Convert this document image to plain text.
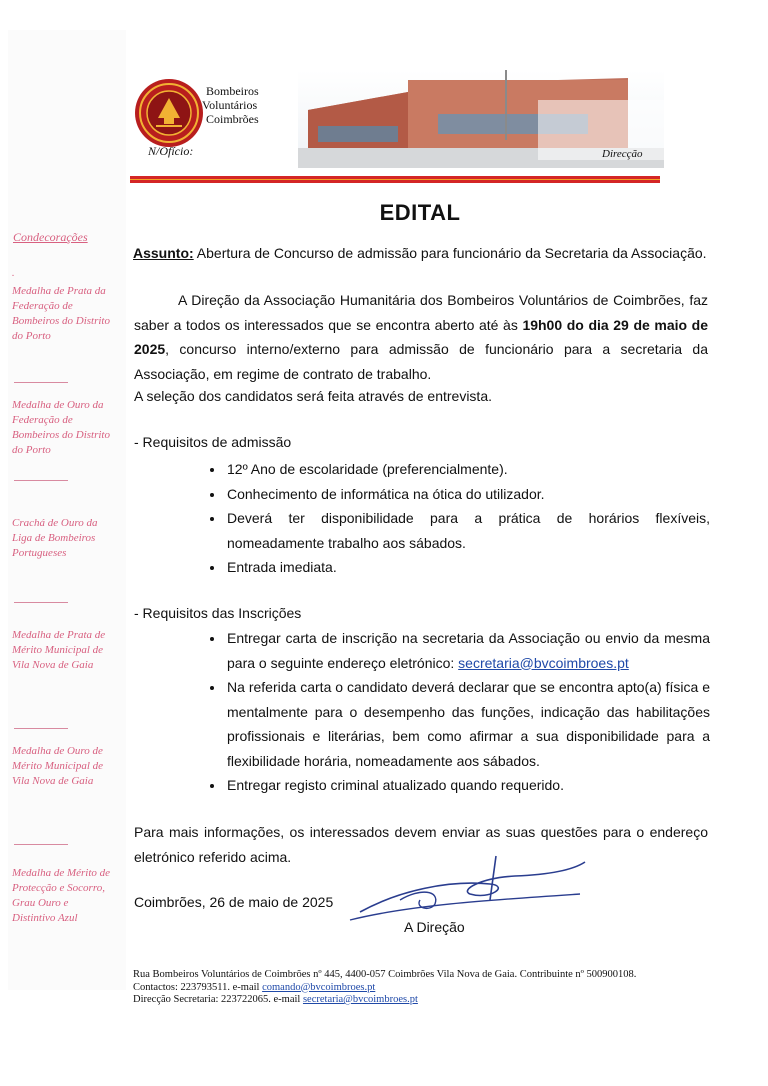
Condecorações
.
Medalha de Prata da Federação de Bombeiros do Distrito do Porto
Medalha de Ouro da Federação de Bombeiros do Distrito do Porto
Crachá de Ouro da Liga de Bombeiros Portugueses
Medalha de Prata de Mérito Municipal de Vila Nova de Gaia
Medalha de Ouro de Mérito Municipal de Vila Nova de Gaia
Medalha de Mérito de Protecção e Socorro, Grau Ouro e Distintivo Azul
Bombeiros
Voluntários
Coimbrões
N/Ofício:	Direcção
EDITAL
Assunto: Abertura de Concurso de admissão para funcionário da Secretaria da Associação.
A Direção da Associação Humanitária dos Bombeiros Voluntários de Coimbrões, faz saber a todos os interessados que se encontra aberto até às 19h00 do dia 29 de maio de 2025, concurso interno/externo para admissão de funcionário para a secretaria da Associação, em regime de contrato de trabalho.
A seleção dos candidatos será feita através de entrevista.
- Requisitos de admissão
• 12º Ano de escolaridade (preferencialmente).
• Conhecimento de informática na ótica do utilizador.
• Deverá ter disponibilidade para a prática de horários flexíveis, nomeadamente trabalho aos sábados.
• Entrada imediata.
- Requisitos das Inscrições
• Entregar carta de inscrição na secretaria da Associação ou envio da mesma para o seguinte endereço eletrónico: secretaria@bvcoimbroes.pt
• Na referida carta o candidato deverá declarar que se encontra apto(a) física e mentalmente para o desempenho das funções, indicação das habilitações profissionais e literárias, bem como afirmar a sua disponibilidade para a flexibilidade horária, nomeadamente aos sábados.
• Entregar registo criminal atualizado quando requerido.
Para mais informações, os interessados devem enviar as suas questões para o endereço eletrónico referido acima.
Coimbrões, 26 de maio de 2025
A Direção
Rua Bombeiros Voluntários de Coimbrões nº 445, 4400-057 Coimbrões Vila Nova de Gaia. Contribuinte nº 500900108.
Contactos: 223793511. e-mail comando@bvcoimbroes.pt
Direcção Secretaria: 223722065. e-mail secretaria@bvcoimbroes.pt
